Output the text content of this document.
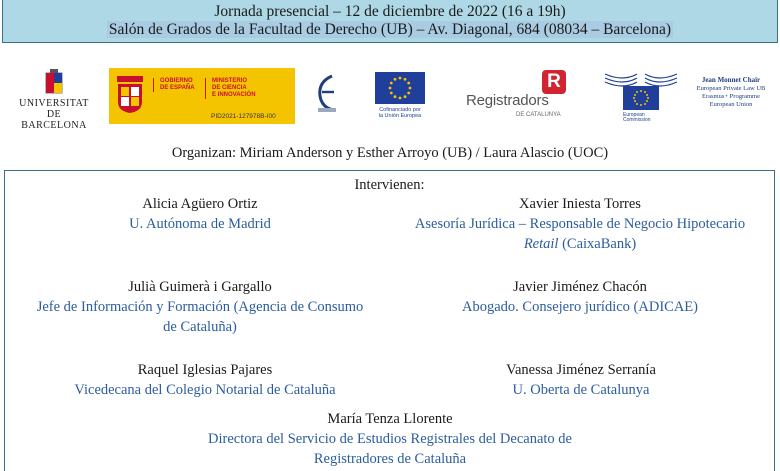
Jornada presencial – 12 de diciembre de 2022 (16 a 19h)
Salón de Grados de la Facultad de Derecho (UB) – Av. Diagonal, 684 (08034 – Barcelona)
UNIVERSITAT DE
BARCELONA
GOBIERNO
DE ESPAÑA
MINISTERIO
DE CIENCIA
E INNOVACIÓN
PID2021-127978B-I00
Cofinanciado por
la Unión Europea
R
Registradors
DE CATALUNYA	European
Commission
Jean Monnet Chair
European Private Law UB
Erasmus+ Programme
European Union
Organizan: Miriam Anderson y Esther Arroyo (UB) / Laura Alascio (UOC)
Intervienen:
Alicia Agüero Ortiz
U. Autónoma de Madrid
Xavier Iniesta Torres
Asesoría Jurídica – Responsable de Negocio Hipotecario
Retail (CaixaBank)
Julià Guimerà i Gargallo
Jefe de Información y Formación (Agencia de Consumo
de Cataluña)
Javier Jiménez Chacón
Abogado. Consejero jurídico (ADICAE)
Raquel Iglesias Pajares
Vicedecana del Colegio Notarial de Cataluña
Vanessa Jiménez Serranía
U. Oberta de Catalunya
María Tenza Llorente
Directora del Servicio de Estudios Registrales del Decanato de
Registradores de Cataluña
